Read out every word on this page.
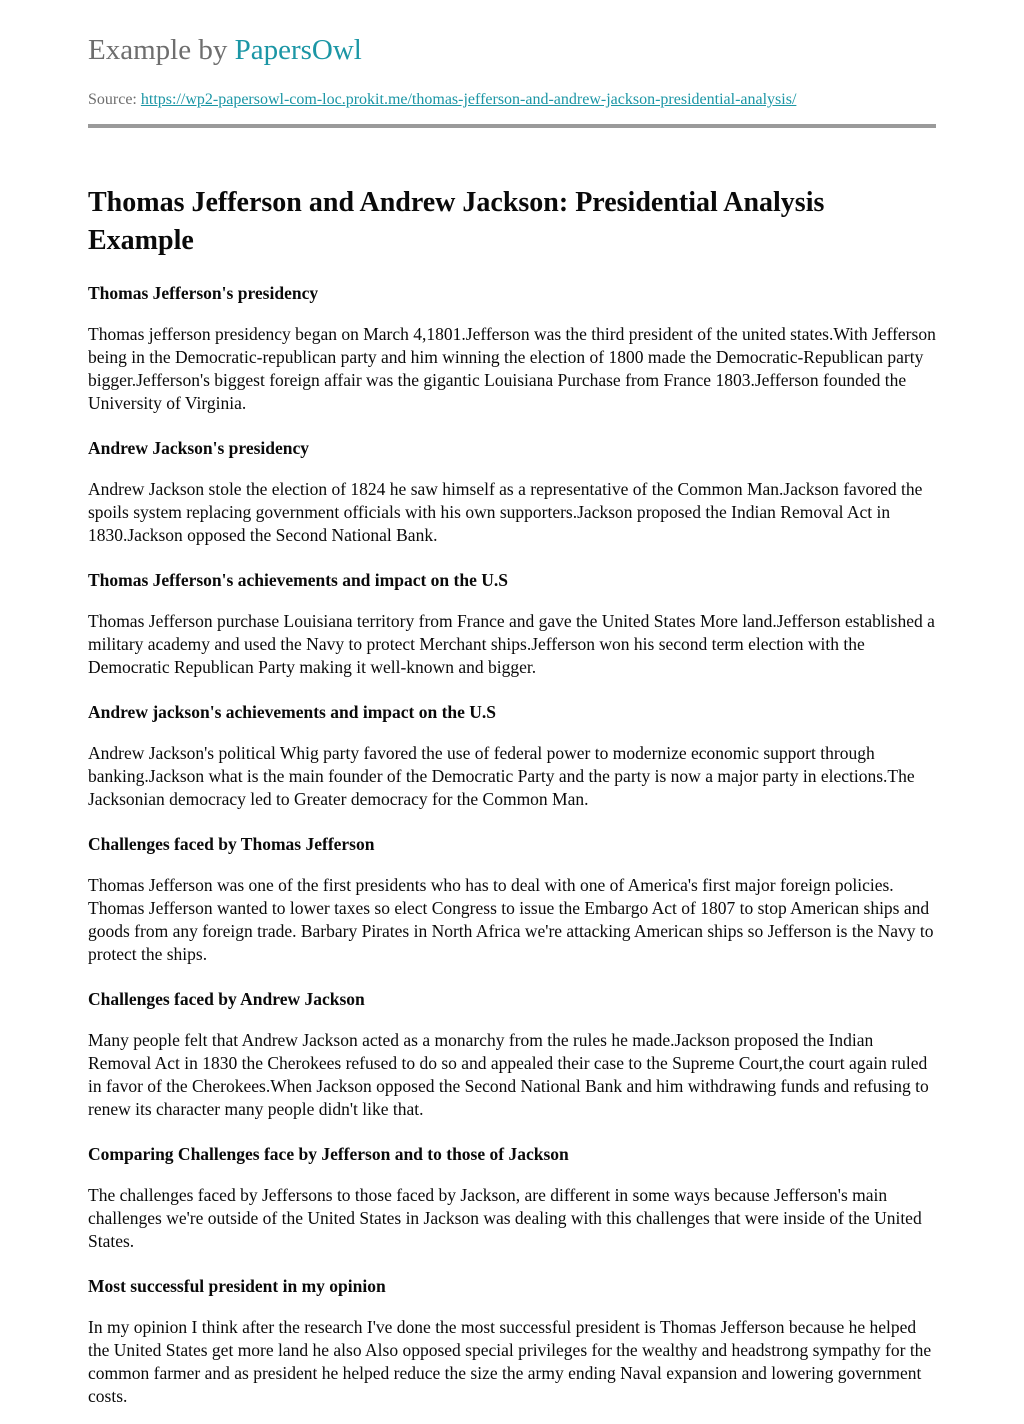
Example by PapersOwl
Source: https://wp2-papersowl-com-loc.prokit.me/thomas-jefferson-and-andrew-jackson-presidential-analysis/
Thomas Jefferson and Andrew Jackson: Presidential Analysis Example
Thomas Jefferson's presidency

Thomas jefferson presidency began on March 4,1801.Jefferson was the third president of the united states.With Jefferson being in the Democratic-republican party and him winning the election of 1800 made the Democratic-Republican party bigger.Jefferson's biggest foreign affair was the gigantic Louisiana Purchase from France 1803.Jefferson founded the University of Virginia.

Andrew Jackson's presidency

Andrew Jackson stole the election of 1824 he saw himself as a representative of the Common Man.Jackson favored the spoils system replacing government officials with his own supporters.Jackson proposed the Indian Removal Act in 1830.Jackson opposed the Second National Bank.

Thomas Jefferson's achievements and impact on the U.S

Thomas Jefferson purchase Louisiana territory from France and gave the United States More land.Jefferson established a military academy and used the Navy to protect Merchant ships.Jefferson won his second term election with the Democratic Republican Party making it well-known and bigger.

Andrew jackson's achievements and impact on the U.S

Andrew Jackson's political Whig party favored the use of federal power to modernize economic support through banking.Jackson what is the main founder of the Democratic Party and the party is now a major party in elections.The Jacksonian democracy led to Greater democracy for the Common Man.

Challenges faced by Thomas Jefferson

Thomas Jefferson was one of the first presidents who has to deal with one of America's first major foreign policies. Thomas Jefferson wanted to lower taxes so elect Congress to issue the Embargo Act of 1807 to stop American ships and goods from any foreign trade. Barbary Pirates in North Africa we're attacking American ships so Jefferson is the Navy to protect the ships.

Challenges faced by Andrew Jackson

Many people felt that Andrew Jackson acted as a monarchy from the rules he made.Jackson proposed the Indian Removal Act in 1830 the Cherokees refused to do so and appealed their case to the Supreme Court,the court again ruled in favor of the Cherokees.When Jackson opposed the Second National Bank and him withdrawing funds and refusing to renew its character many people didn't like that.

Comparing Challenges face by Jefferson and to those of Jackson

The challenges faced by Jeffersons to those faced by Jackson, are different in some ways because Jefferson's main challenges we're outside of the United States in Jackson was dealing with this challenges that were inside of the United States.

Most successful president in my opinion

In my opinion I think after the research I've done the most successful president is Thomas Jefferson because he helped the United States get more land he also Also opposed special privileges for the wealthy and headstrong sympathy for the common farmer and as president he helped reduce the size the army ending Naval expansion and lowering government costs.
